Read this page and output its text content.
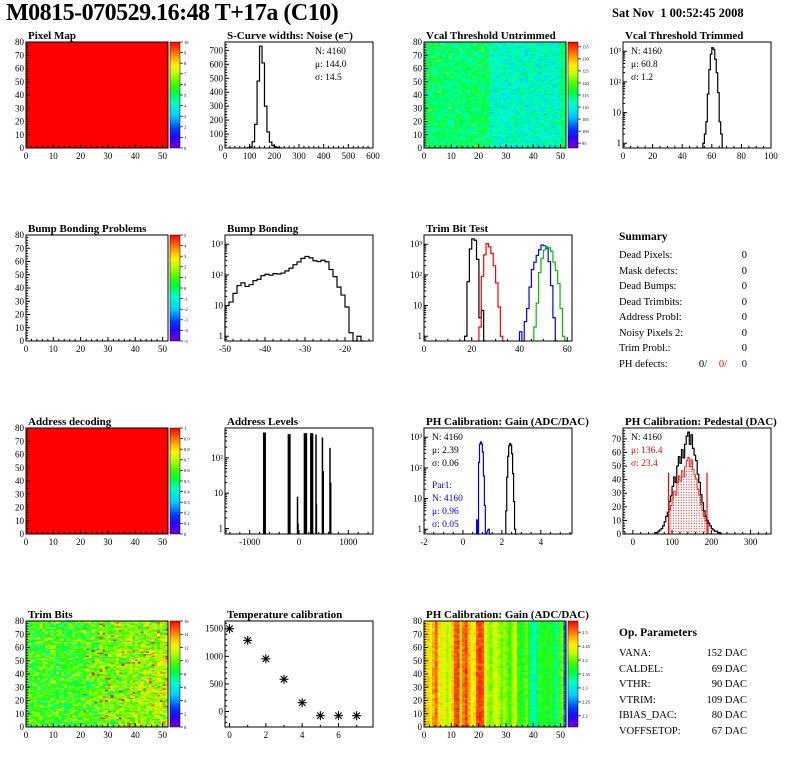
M0815-070529.16:48 T+17a (C10)	Sat Nov  1 00:52:45 2008
Pixel Map
0 10 20 30 40 50
0
10
20
30
40
50
60
70
80	10
9
8
7
6
5
4
3
2
1
0
S-Curve widths: Noise (e⁻)
0 100 200 300 400 500 600
0
100
200
300
400
500
600
700	N: 4160
μ: 144.0
σ: 14.5
Vcal Threshold Untrimmed
0 10 20 30 40 50
0
10
20
30
40
50
60
70
80
135
130
125
120
115
110
105
100
95
Vcal Threshold Trimmed
0	20 40 60 80 100
1
10
10²
10³ N: 4160
μ: 60.8
σ: 1.2
Bump Bonding Problems
0 10 20 30 40 50
0
10
20
30
40
50
60
70
80	5
4
3
2
1
0
-1
-2
-3
-4
-5
Bump Bonding
-50	-40	-30	-20
1
10
10²
10³
Trim Bit Test
0	20	40	60
1
10
10²
10³
Summary
Dead Pixels:	0
Mask defects:	0
Dead Bumps:	0
Dead Trimbits:	0
Address Probl:	0
Noisy Pixels 2:	0
Trim Probl.:	0
PH defects:	0/	0/	0
Address decoding
0 10 20 30 40 50
0
10
20
30
40
50
60
70
80	1
0.9
0.8
0.7
0.6
0.5
0.4
0.3
0.2
0.1
0
Address Levels
-1000	0	1000
1
10
10²
PH Calibration: Gain (ADC/DAC)
-2	0	2	4
1
10
10²
10³ N: 4160
μ: 2.39
σ: 0.06
Par1:
N: 4160
μ: 0.96
σ: 0.05
PH Calibration: Pedestal (DAC)
0	100	200	300
0
10
20
30
40
50
60
70 N: 4160
μ: 136.4
σ: 23.4
Trim Bits
0 10 20 30 40 50
0
10
20
30
40
50
60
70
80	16
14
12
10
8
6
4
2
0
Temperature calibration
0	2	4	6
0
500
1000
1500
PH Calibration: Gain (ADC/DAC)
0 10 20 30 40 50
0
10
20
30
40
50
60
70
80
2.5
2.45
2.4
2.35
2.3
2.25
2.2
Op. Parameters
VANA:	152 DAC
CALDEL:	69 DAC
VTHR:	90 DAC
VTRIM:	109 DAC
IBIAS_DAC:	80 DAC
VOFFSETOP:	67 DAC
